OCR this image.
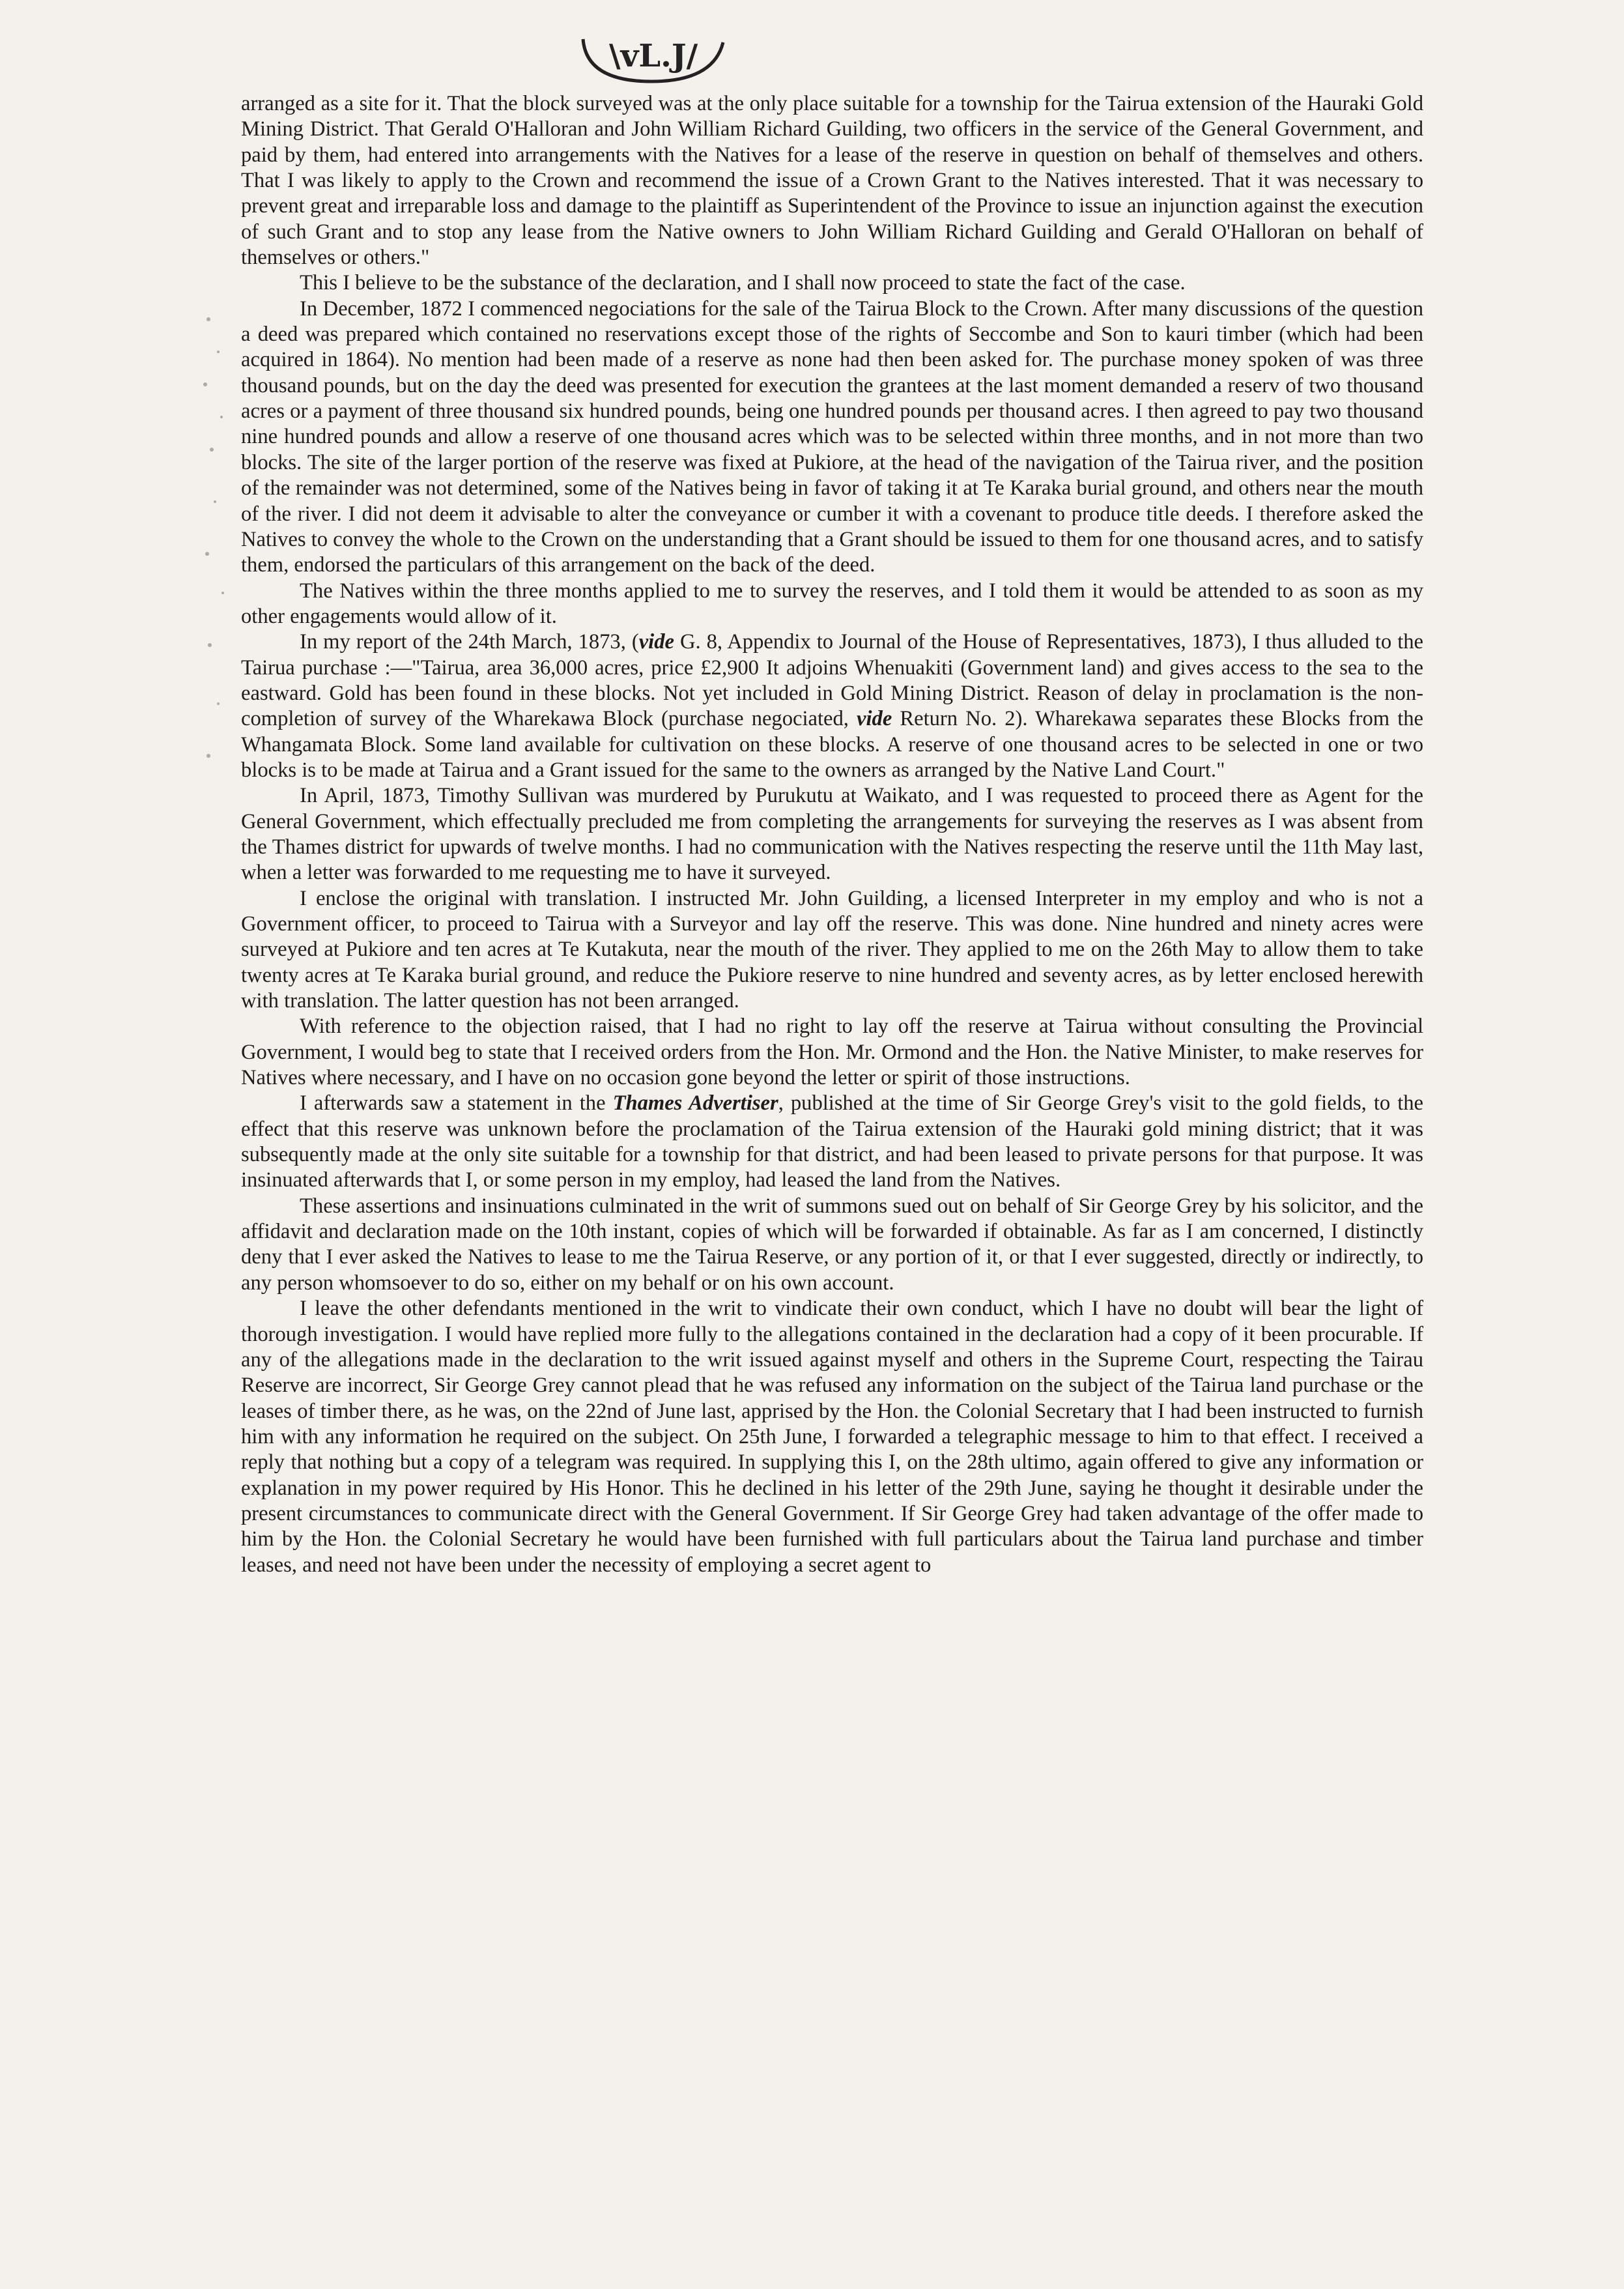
\vL.J/

arranged as a site for it. That the block surveyed was at the only place suitable for a township for the Tairua extension of the Hauraki Gold Mining District. That Gerald O'Halloran and John William Richard Guilding, two officers in the service of the General Government, and paid by them, had entered into arrangements with the Natives for a lease of the reserve in question on behalf of themselves and others. That I was likely to apply to the Crown and recommend the issue of a Crown Grant to the Natives interested. That it was necessary to prevent great and irreparable loss and damage to the plaintiff as Superintendent of the Province to issue an injunction against the execution of such Grant and to stop any lease from the Native owners to John William Richard Guilding and Gerald O'Halloran on behalf of themselves or others."

This I believe to be the substance of the declaration, and I shall now proceed to state the fact of the case.

In December, 1872 I commenced negociations for the sale of the Tairua Block to the Crown. After many discussions of the question a deed was prepared which contained no reservations except those of the rights of Seccombe and Son to kauri timber (which had been acquired in 1864). No mention had been made of a reserve as none had then been asked for. The purchase money spoken of was three thousand pounds, but on the day the deed was presented for execution the grantees at the last moment demanded a reserv of two thousand acres or a payment of three thousand six hundred pounds, being one hundred pounds per thousand acres. I then agreed to pay two thousand nine hundred pounds and allow a reserve of one thousand acres which was to be selected within three months, and in not more than two blocks. The site of the larger portion of the reserve was fixed at Pukiore, at the head of the navigation of the Tairua river, and the position of the remainder was not determined, some of the Natives being in favor of taking it at Te Karaka burial ground, and others near the mouth of the river. I did not deem it advisable to alter the conveyance or cumber it with a covenant to produce title deeds. I therefore asked the Natives to convey the whole to the Crown on the understanding that a Grant should be issued to them for one thousand acres, and to satisfy them, endorsed the particulars of this arrangement on the back of the deed.

The Natives within the three months applied to me to survey the reserves, and I told them it would be attended to as soon as my other engagements would allow of it.

In my report of the 24th March, 1873, (vide G. 8, Appendix to Journal of the House of Representatives, 1873), I thus alluded to the Tairua purchase :—"Tairua, area 36,000 acres, price £2,900 It adjoins Whenuakiti (Government land) and gives access to the sea to the eastward. Gold has been found in these blocks. Not yet included in Gold Mining District. Reason of delay in proclamation is the non-completion of survey of the Wharekawa Block (purchase negociated, vide Return No. 2). Wharekawa separates these Blocks from the Whangamata Block. Some land available for cultivation on these blocks. A reserve of one thousand acres to be selected in one or two blocks is to be made at Tairua and a Grant issued for the same to the owners as arranged by the Native Land Court."

In April, 1873, Timothy Sullivan was murdered by Purukutu at Waikato, and I was requested to proceed there as Agent for the General Government, which effectually precluded me from completing the arrangements for surveying the reserves as I was absent from the Thames district for upwards of twelve months. I had no communication with the Natives respecting the reserve until the 11th May last, when a letter was forwarded to me requesting me to have it surveyed.

I enclose the original with translation. I instructed Mr. John Guilding, a licensed Interpreter in my employ and who is not a Government officer, to proceed to Tairua with a Surveyor and lay off the reserve. This was done. Nine hundred and ninety acres were surveyed at Pukiore and ten acres at Te Kutakuta, near the mouth of the river. They applied to me on the 26th May to allow them to take twenty acres at Te Karaka burial ground, and reduce the Pukiore reserve to nine hundred and seventy acres, as by letter enclosed herewith with translation. The latter question has not been arranged.

With reference to the objection raised, that I had no right to lay off the reserve at Tairua without consulting the Provincial Government, I would beg to state that I received orders from the Hon. Mr. Ormond and the Hon. the Native Minister, to make reserves for Natives where necessary, and I have on no occasion gone beyond the letter or spirit of those instructions.

I afterwards saw a statement in the Thames Advertiser, published at the time of Sir George Grey's visit to the gold fields, to the effect that this reserve was unknown before the proclamation of the Tairua extension of the Hauraki gold mining district; that it was subsequently made at the only site suitable for a township for that district, and had been leased to private persons for that purpose. It was insinuated afterwards that I, or some person in my employ, had leased the land from the Natives.

These assertions and insinuations culminated in the writ of summons sued out on behalf of Sir George Grey by his solicitor, and the affidavit and declaration made on the 10th instant, copies of which will be forwarded if obtainable. As far as I am concerned, I distinctly deny that I ever asked the Natives to lease to me the Tairua Reserve, or any portion of it, or that I ever suggested, directly or indirectly, to any person whomsoever to do so, either on my behalf or on his own account.

I leave the other defendants mentioned in the writ to vindicate their own conduct, which I have no doubt will bear the light of thorough investigation. I would have replied more fully to the allegations contained in the declaration had a copy of it been procurable. If any of the allegations made in the declaration to the writ issued against myself and others in the Supreme Court, respecting the Tairau Reserve are incorrect, Sir George Grey cannot plead that he was refused any information on the subject of the Tairua land purchase or the leases of timber there, as he was, on the 22nd of June last, apprised by the Hon. the Colonial Secretary that I had been instructed to furnish him with any information he required on the subject. On 25th June, I forwarded a telegraphic message to him to that effect. I received a reply that nothing but a copy of a telegram was required. In supplying this I, on the 28th ultimo, again offered to give any information or explanation in my power required by His Honor. This he declined in his letter of the 29th June, saying he thought it desirable under the present circumstances to communicate direct with the General Government. If Sir George Grey had taken advantage of the offer made to him by the Hon. the Colonial Secretary he would have been furnished with full particulars about the Tairua land purchase and timber leases, and need not have been under the necessity of employing a secret agent to
